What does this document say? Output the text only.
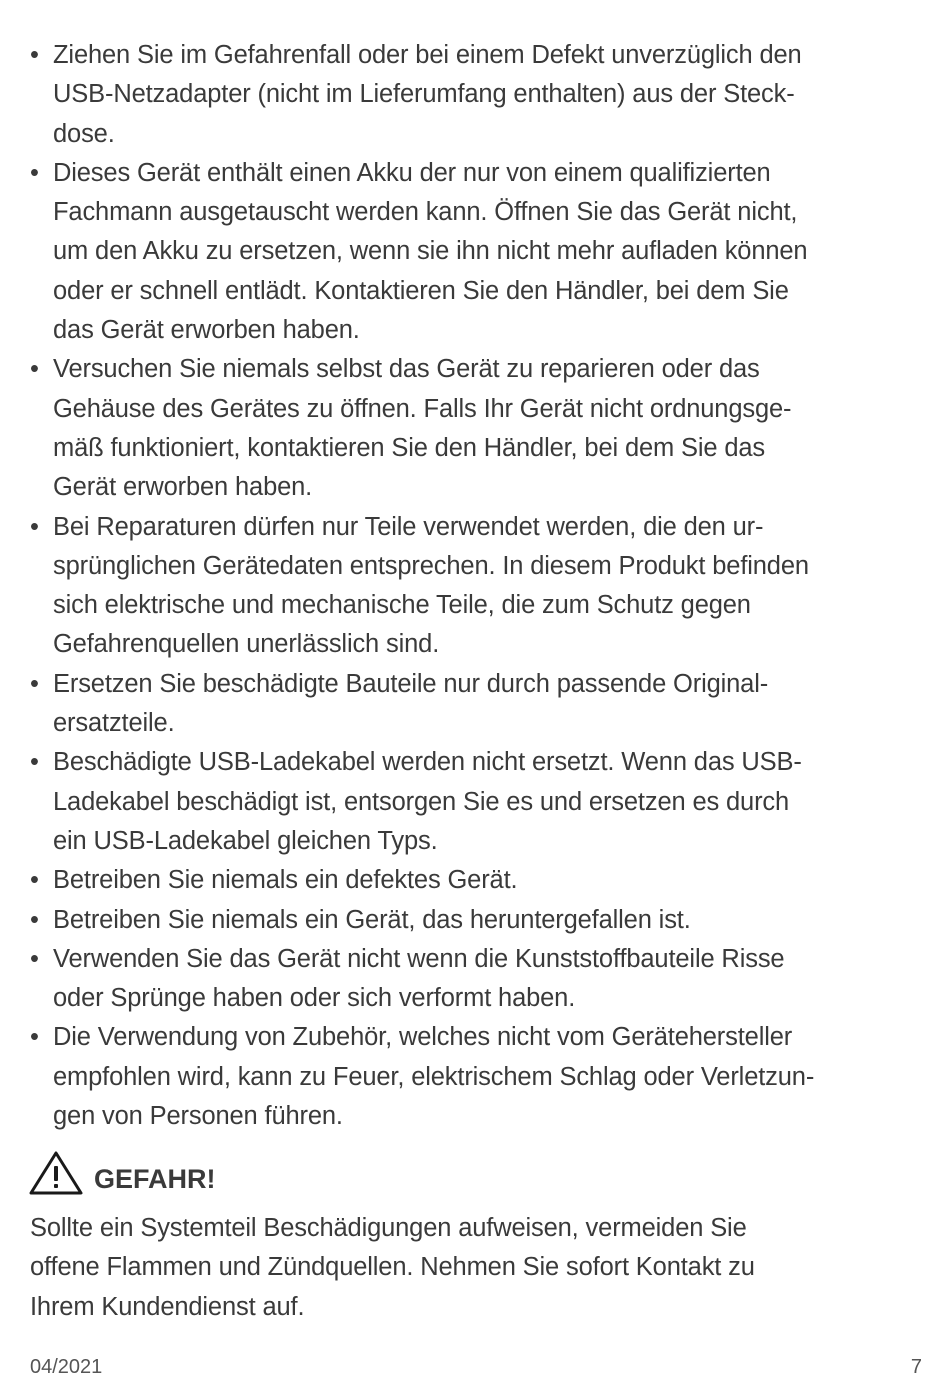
• Ziehen Sie im Gefahrenfall oder bei einem Defekt unverzüglich den
USB-Netzadapter (nicht im Lieferumfang enthalten) aus der Steck-
dose.
• Dieses Gerät enthält einen Akku der nur von einem qualifizierten
Fachmann ausgetauscht werden kann. Öffnen Sie das Gerät nicht,
um den Akku zu ersetzen, wenn sie ihn nicht mehr aufladen können
oder er schnell entlädt. Kontaktieren Sie den Händler, bei dem Sie
das Gerät erworben haben.
• Versuchen Sie niemals selbst das Gerät zu reparieren oder das
Gehäuse des Gerätes zu öffnen. Falls Ihr Gerät nicht ordnungsge-
mäß funktioniert, kontaktieren Sie den Händler, bei dem Sie das
Gerät erworben haben.
• Bei Reparaturen dürfen nur Teile verwendet werden, die den ur-
sprünglichen Gerätedaten entsprechen. In diesem Produkt befinden
sich elektrische und mechanische Teile, die zum Schutz gegen
Gefahrenquellen unerlässlich sind.
• Ersetzen Sie beschädigte Bauteile nur durch passende Original-
ersatzteile.
• Beschädigte USB-Ladekabel werden nicht ersetzt. Wenn das USB-
Ladekabel beschädigt ist, entsorgen Sie es und ersetzen es durch
ein USB-Ladekabel gleichen Typs.
• Betreiben Sie niemals ein defektes Gerät.
• Betreiben Sie niemals ein Gerät, das heruntergefallen ist.
• Verwenden Sie das Gerät nicht wenn die Kunststoffbauteile Risse
oder Sprünge haben oder sich verformt haben.
• Die Verwendung von Zubehör, welches nicht vom Gerätehersteller
empfohlen wird, kann zu Feuer, elektrischem Schlag oder Verletzun-
gen von Personen führen.
GEFAHR!

Sollte ein Systemteil Beschädigungen aufweisen, vermeiden Sie
offene Flammen und Zündquellen. Nehmen Sie sofort Kontakt zu
Ihrem Kundendienst auf.

04/2021	7
